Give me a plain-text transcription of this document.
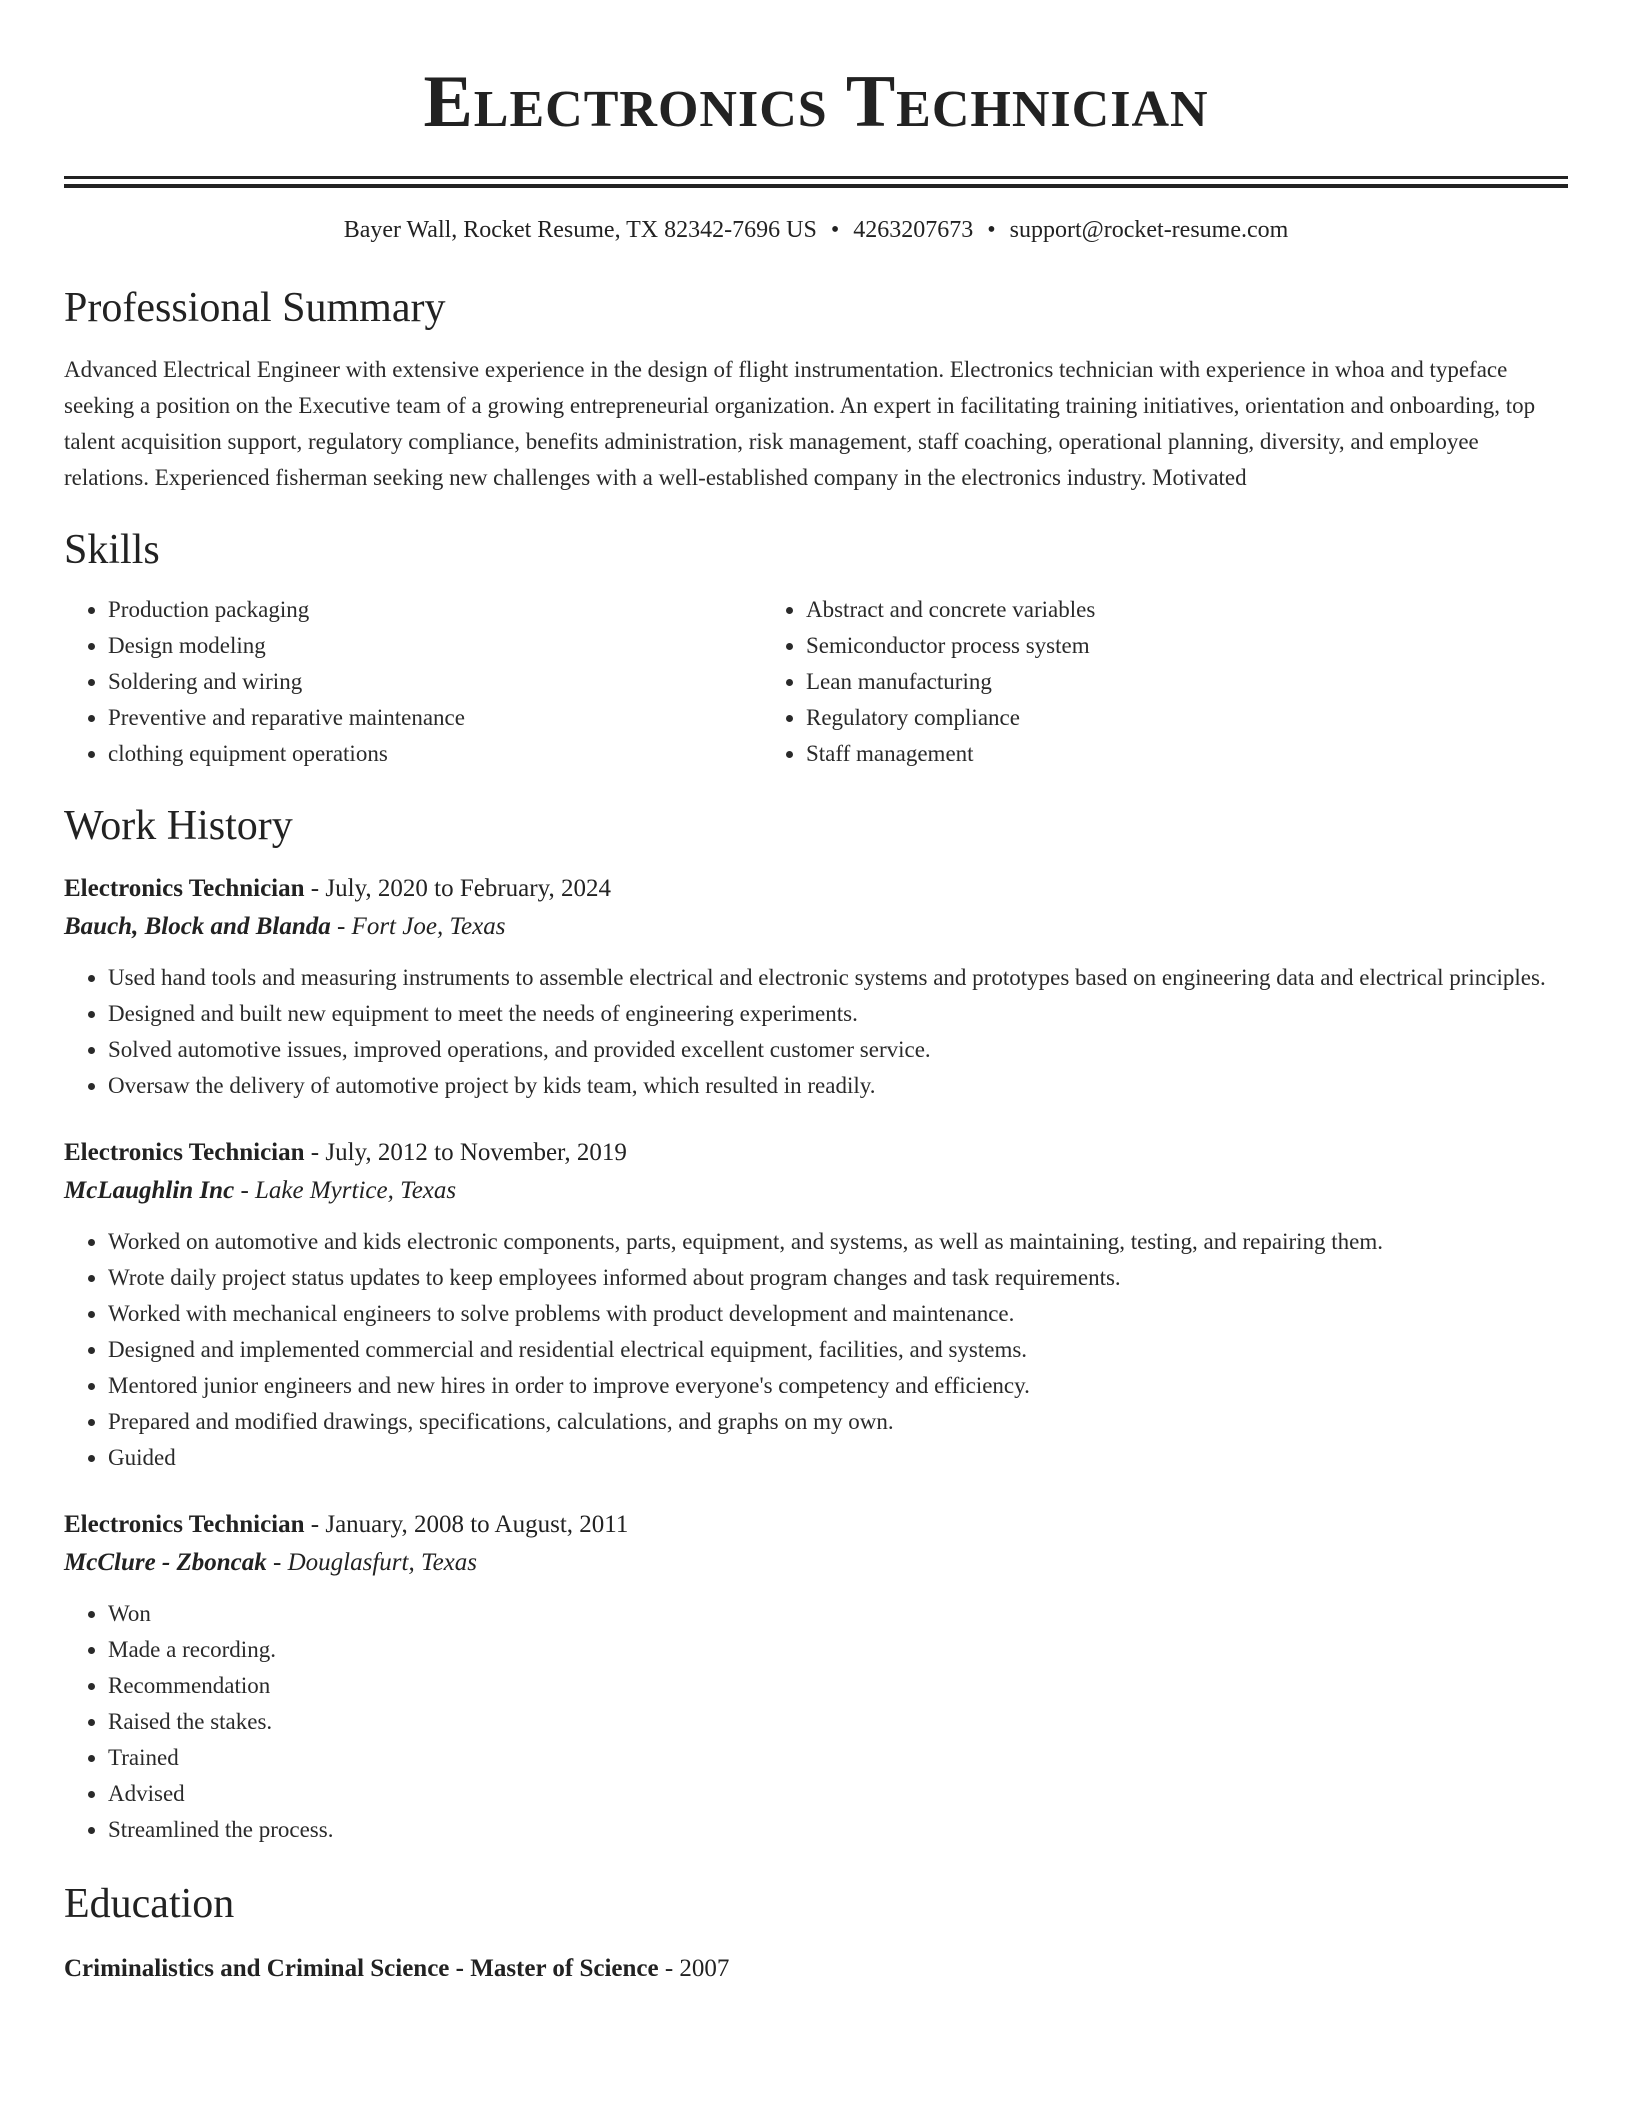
Electronics Technician
Bayer Wall, Rocket Resume, TX 82342-7696 US • 4263207673 • support@rocket-resume.com
Professional Summary
Advanced Electrical Engineer with extensive experience in the design of flight instrumentation. Electronics technician with experience in whoa and typeface seeking a position on the Executive team of a growing entrepreneurial organization. An expert in facilitating training initiatives, orientation and onboarding, top talent acquisition support, regulatory compliance, benefits administration, risk management, staff coaching, operational planning, diversity, and employee relations. Experienced fisherman seeking new challenges with a well-established company in the electronics industry. Motivated
Skills
• Production packaging
• Design modeling
• Soldering and wiring
• Preventive and reparative maintenance
• clothing equipment operations
• Abstract and concrete variables
• Semiconductor process system
• Lean manufacturing
• Regulatory compliance
• Staff management
Work History
Electronics Technician - July, 2020 to February, 2024
Bauch, Block and Blanda - Fort Joe, Texas
• Used hand tools and measuring instruments to assemble electrical and electronic systems and prototypes based on engineering data and electrical principles.
• Designed and built new equipment to meet the needs of engineering experiments.
• Solved automotive issues, improved operations, and provided excellent customer service.
• Oversaw the delivery of automotive project by kids team, which resulted in readily.
Electronics Technician - July, 2012 to November, 2019
McLaughlin Inc - Lake Myrtice, Texas
• Worked on automotive and kids electronic components, parts, equipment, and systems, as well as maintaining, testing, and repairing them.
• Wrote daily project status updates to keep employees informed about program changes and task requirements.
• Worked with mechanical engineers to solve problems with product development and maintenance.
• Designed and implemented commercial and residential electrical equipment, facilities, and systems.
• Mentored junior engineers and new hires in order to improve everyone's competency and efficiency.
• Prepared and modified drawings, specifications, calculations, and graphs on my own.
• Guided
Electronics Technician - January, 2008 to August, 2011
McClure - Zboncak - Douglasfurt, Texas
• Won
• Made a recording.
• Recommendation
• Raised the stakes.
• Trained
• Advised
• Streamlined the process.
Education
Criminalistics and Criminal Science - Master of Science - 2007
